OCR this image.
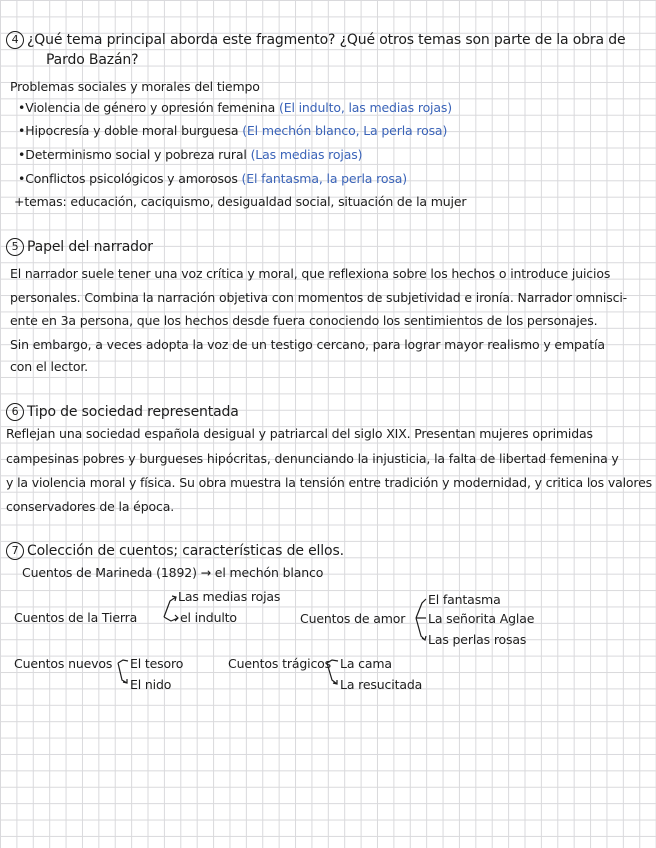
4 ¿Qué tema principal aborda este fragmento? ¿Qué otros temas son parte de la obra de
Pardo Bazán?
Problemas sociales y morales del tiempo
•Violencia de género y opresión femenina (El indulto, las medias rojas)
•Hipocresía y doble moral burguesa (El mechón blanco, La perla rosa)
•Determinismo social y pobreza rural (Las medias rojas)
•Conflictos psicológicos y amorosos (El fantasma, la perla rosa)
+temas: educación, caciquismo, desigualdad social, situación de la mujer
5 Papel del narrador
El narrador suele tener una voz crítica y moral, que reflexiona sobre los hechos o introduce juicios
personales. Combina la narración objetiva con momentos de subjetividad e ironía. Narrador omnisci-
ente en 3a persona, que los hechos desde fuera conociendo los sentimientos de los personajes.
Sin embargo, a veces adopta la voz de un testigo cercano, para lograr mayor realismo y empatía
con el lector.
6 Tipo de sociedad representada
Reflejan una sociedad española desigual y patriarcal del siglo XIX. Presentan mujeres oprimidas
campesinas pobres y burgueses hipócritas, denunciando la injusticia, la falta de libertad femenina y
y la violencia moral y física. Su obra muestra la tensión entre tradición y modernidad, y critica los valores
conservadores de la época.
7 Colección de cuentos; características de ellos.
Cuentos de Marineda (1892) → el mechón blanco
Cuentos de la Tierra
Las medias rojas
el indulto	Cuentos de amor
El fantasma
La señorita Aglae
Las perlas rosas
Cuentos nuevos El tesoro
El nido
Cuentos trágicos La cama
La resucitada
